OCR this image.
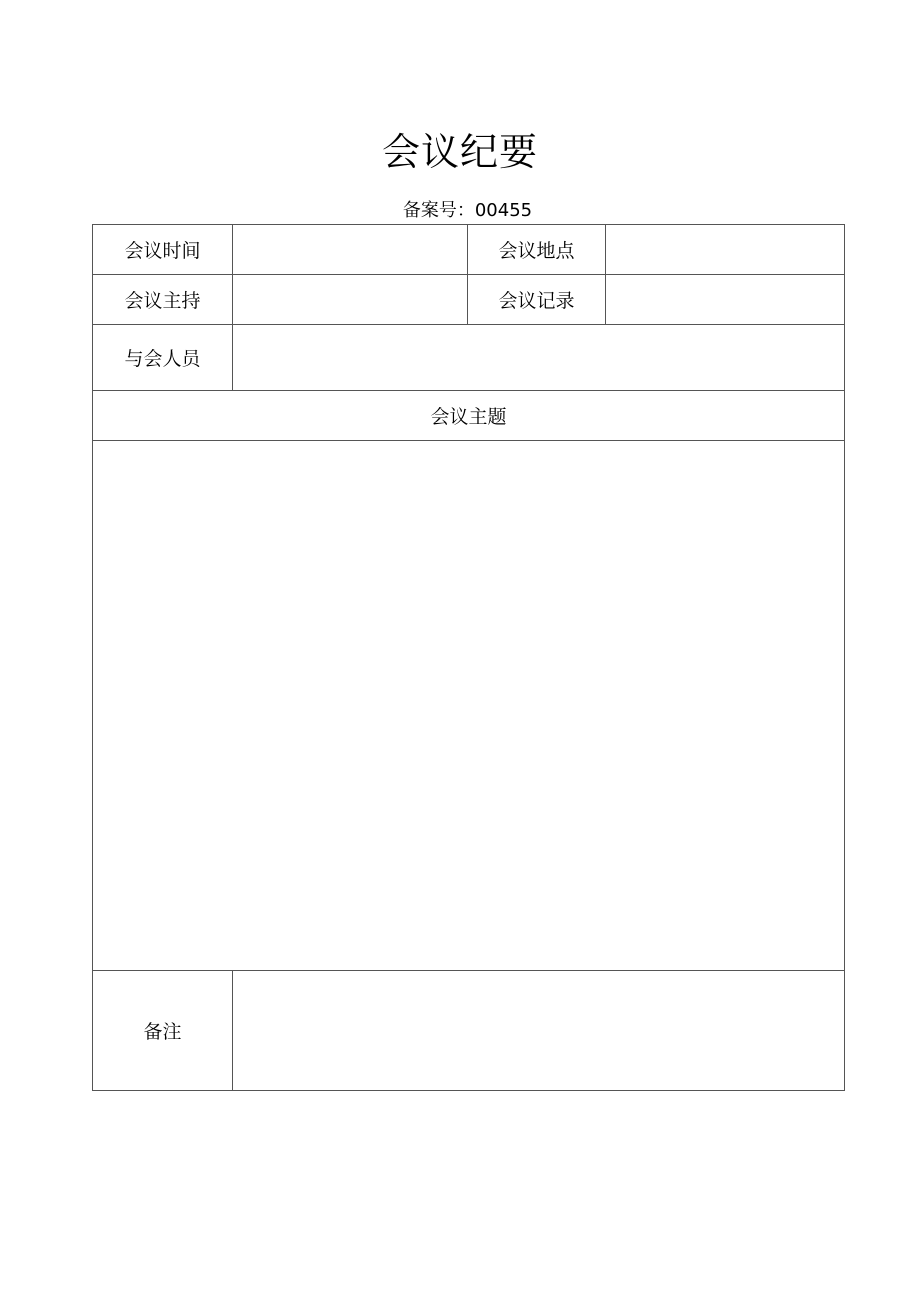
会议纪要
备案号：00455
会议时间		会议地点	
会议主持		会议记录	
与会人员			
会议主题			

备注			
